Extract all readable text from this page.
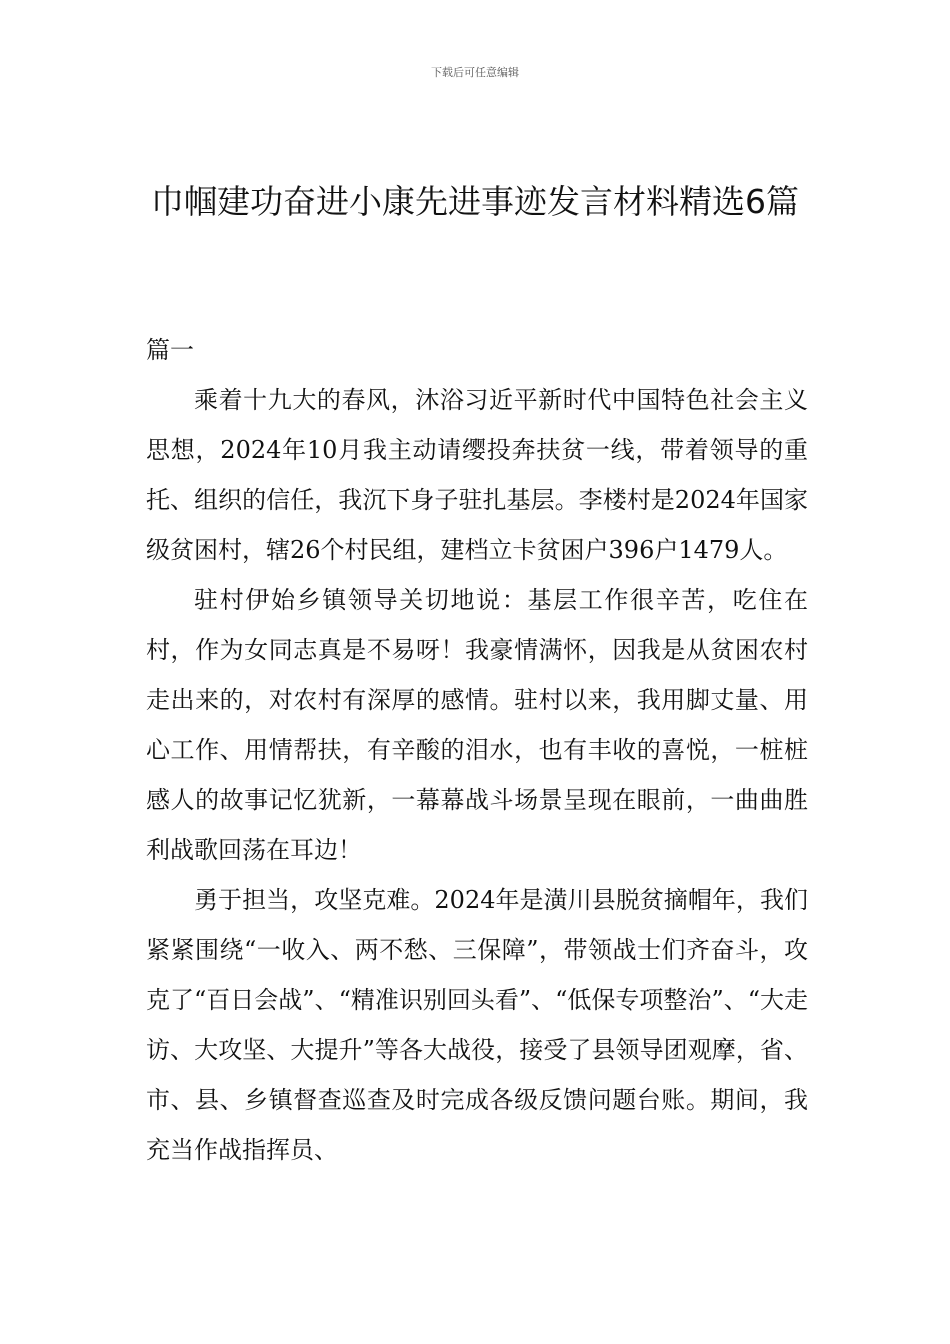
下载后可任意编辑
巾帼建功奋进小康先进事迹发言材料精选6篇

篇一

乘着十九大的春风，沐浴习近平新时代中国特色社会主义思想，2024年10月我主动请缨投奔扶贫一线，带着领导的重托、组织的信任，我沉下身子驻扎基层。李楼村是2024年国家级贫困村，辖26个村民组，建档立卡贫困户396户1479人。

驻村伊始乡镇领导关切地说：基层工作很辛苦，吃住在村，作为女同志真是不易呀！我豪情满怀，因我是从贫困农村走出来的，对农村有深厚的感情。驻村以来，我用脚丈量、用心工作、用情帮扶，有辛酸的泪水，也有丰收的喜悦，一桩桩感人的故事记忆犹新，一幕幕战斗场景呈现在眼前，一曲曲胜利战歌回荡在耳边！

勇于担当，攻坚克难。2024年是潢川县脱贫摘帽年，我们紧紧围绕“一收入、两不愁、三保障”，带领战士们齐奋斗，攻克了“百日会战”、“精准识别回头看”、“低保专项整治”、“大走访、大攻坚、大提升”等各大战役，接受了县领导团观摩，省、市、县、乡镇督查巡查及时完成各级反馈问题台账。期间，我充当作战指挥员、
